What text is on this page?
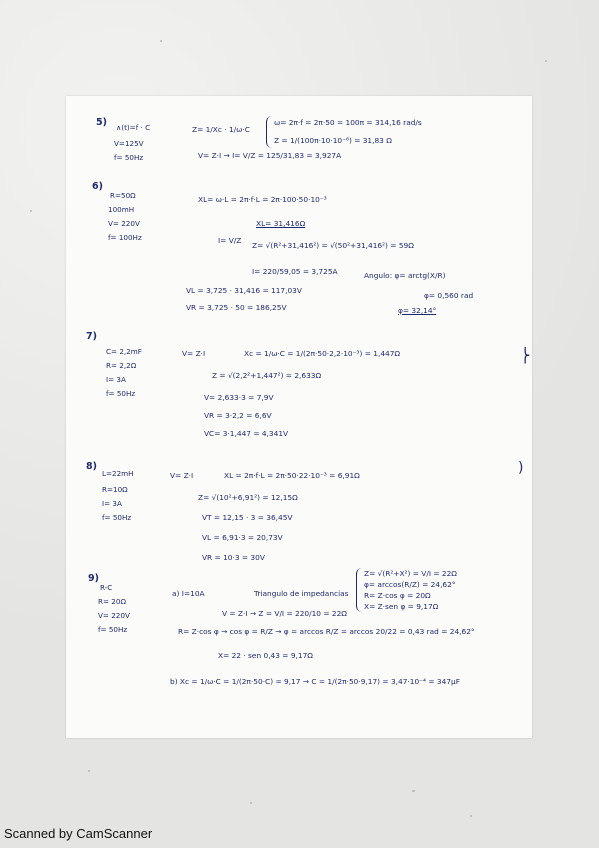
5) ∧(t)=f · C
V=125V
f= 50Hz
Z= 1/Xc · 1/ω·C
ω= 2π·f = 2π·50 = 100π = 314,16 rad/s
Z = 1/(100π·10·10⁻⁶) = 31,83 Ω
V= Z·I → I= V/Z = 125/31,83 = 3,927A
6)
R=50Ω
100mH
V= 220V
f= 100Hz
XL= ω·L = 2π·f·L = 2π·100·50·10⁻³
XL= 31,416Ω
I= V/Z
Z= √(R²+31,416²) = √(50²+31,416²) = 59Ω
I= 220/59,05 = 3,725A	Angulo: φ= arctg(X/R)
φ= 0,560 rad
φ= 32,14°
VL = 3,725 · 31,416 = 117,03V
VR = 3,725 · 50 = 186,25V
7)
C= 2,2mF
R= 2,2Ω
I= 3A
f= 50Hz
V= Z·I	Xc = 1/ω·C = 1/(2π·50·2,2·10⁻³) = 1,447Ω
Z = √(2,2²+1,447²) = 2,633Ω
V= 2,633·3 = 7,9V
VR = 3·2,2 = 6,6V
VC= 3·1,447 = 4,341V
8)
L=22mH
R=10Ω
I= 3A
f= 50Hz
V= Z·I	XL = 2π·f·L = 2π·50·22·10⁻³ = 6,91Ω
Z= √(10²+6,91²) = 12,15Ω
VT = 12,15 · 3 = 36,45V
VL = 6,91·3 = 20,73V
VR = 10·3 = 30V
9)
R-C
R= 20Ω
V= 220V
f= 50Hz
a) I=10A	Triangulo de impedancias
Z= √(R²+X²) = V/I = 22Ω
φ= arccos(R/Z) = 24,62°
R= Z·cos φ = 20Ω
X= Z·sen φ = 9,17Ω
V = Z·I → Z = V/I = 220/10 = 22Ω
R= Z·cos φ → cos φ = R/Z → φ = arccos R/Z = arccos 20/22 = 0,43 rad = 24,62°
X= 22 · sen 0,43 = 9,17Ω
b) Xc = 1/ω·C = 1/(2π·50·C) = 9,17 → C = 1/(2π·50·9,17) = 3,47·10⁻⁴ = 347μF
⎬
)
Scanned by CamScanner
